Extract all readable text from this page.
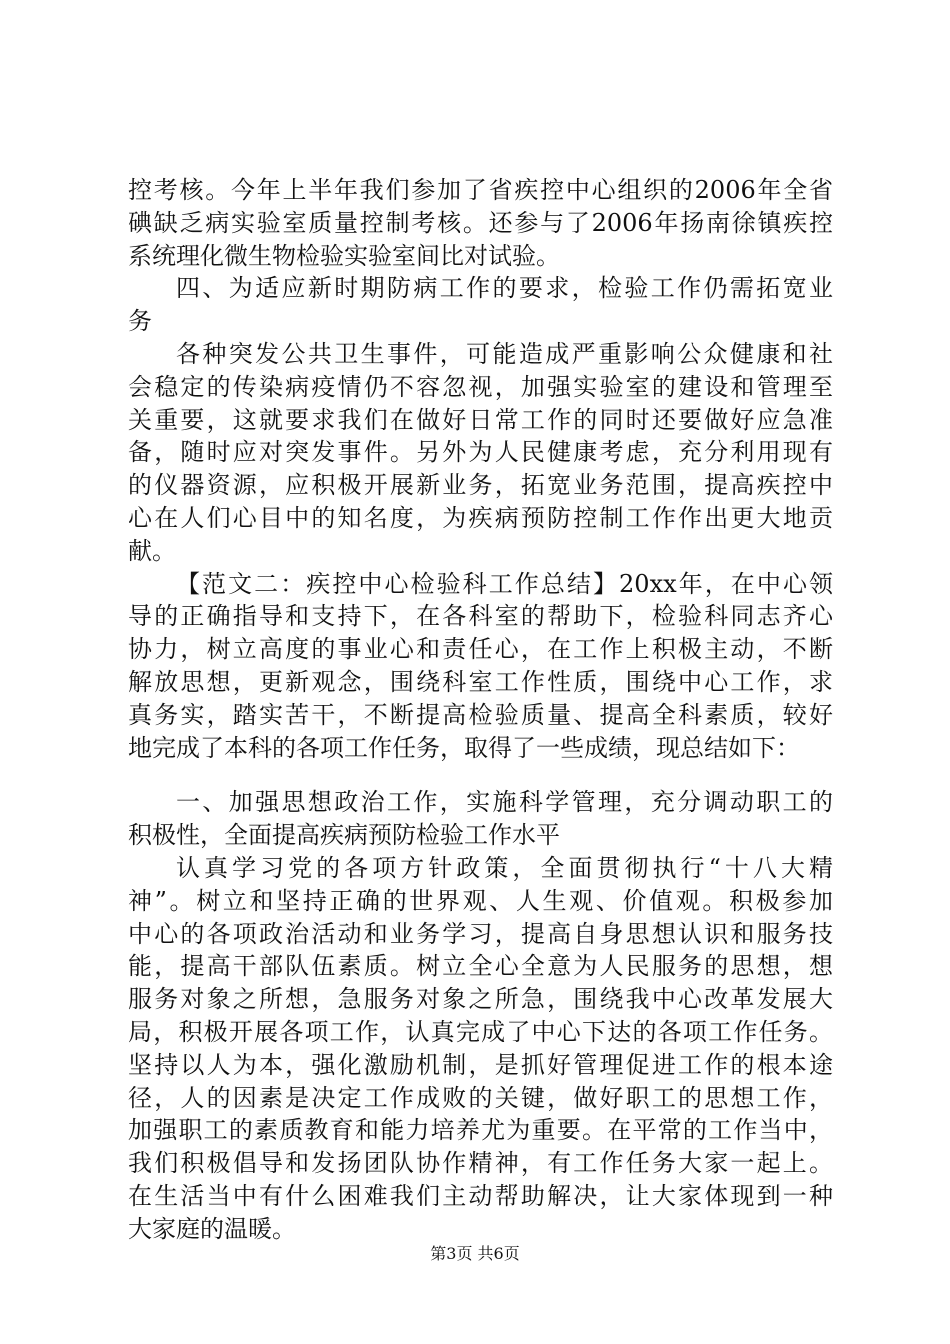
控考核。今年上半年我们参加了省疾控中心组织的2006年全省
碘缺乏病实验室质量控制考核。还参与了2006年扬南徐镇疾控
系统理化微生物检验实验室间比对试验。
四、为适应新时期防病工作的要求，检验工作仍需拓宽业
务
各种突发公共卫生事件，可能造成严重影响公众健康和社
会稳定的传染病疫情仍不容忽视，加强实验室的建设和管理至
关重要，这就要求我们在做好日常工作的同时还要做好应急准
备，随时应对突发事件。另外为人民健康考虑，充分利用现有
的仪器资源，应积极开展新业务，拓宽业务范围，提高疾控中
心在人们心目中的知名度，为疾病预防控制工作作出更大地贡
献。
【范文二：疾控中心检验科工作总结】20xx年，在中心领
导的正确指导和支持下，在各科室的帮助下，检验科同志齐心
协力，树立高度的事业心和责任心，在工作上积极主动，不断
解放思想，更新观念，围绕科室工作性质，围绕中心工作，求
真务实，踏实苦干，不断提高检验质量、提高全科素质，较好
地完成了本科的各项工作任务，取得了一些成绩，现总结如下：
一、加强思想政治工作，实施科学管理，充分调动职工的
积极性，全面提高疾病预防检验工作水平
认真学习党的各项方针政策，全面贯彻执行“十八大精
神”。树立和坚持正确的世界观、人生观、价值观。积极参加
中心的各项政治活动和业务学习，提高自身思想认识和服务技
能，提高干部队伍素质。树立全心全意为人民服务的思想，想
服务对象之所想，急服务对象之所急，围绕我中心改革发展大
局，积极开展各项工作，认真完成了中心下达的各项工作任务。
坚持以人为本，强化激励机制，是抓好管理促进工作的根本途
径，人的因素是决定工作成败的关键，做好职工的思想工作，
加强职工的素质教育和能力培养尤为重要。在平常的工作当中，
我们积极倡导和发扬团队协作精神，有工作任务大家一起上。
在生活当中有什么困难我们主动帮助解决，让大家体现到一种
大家庭的温暖。
第3页 共6页
